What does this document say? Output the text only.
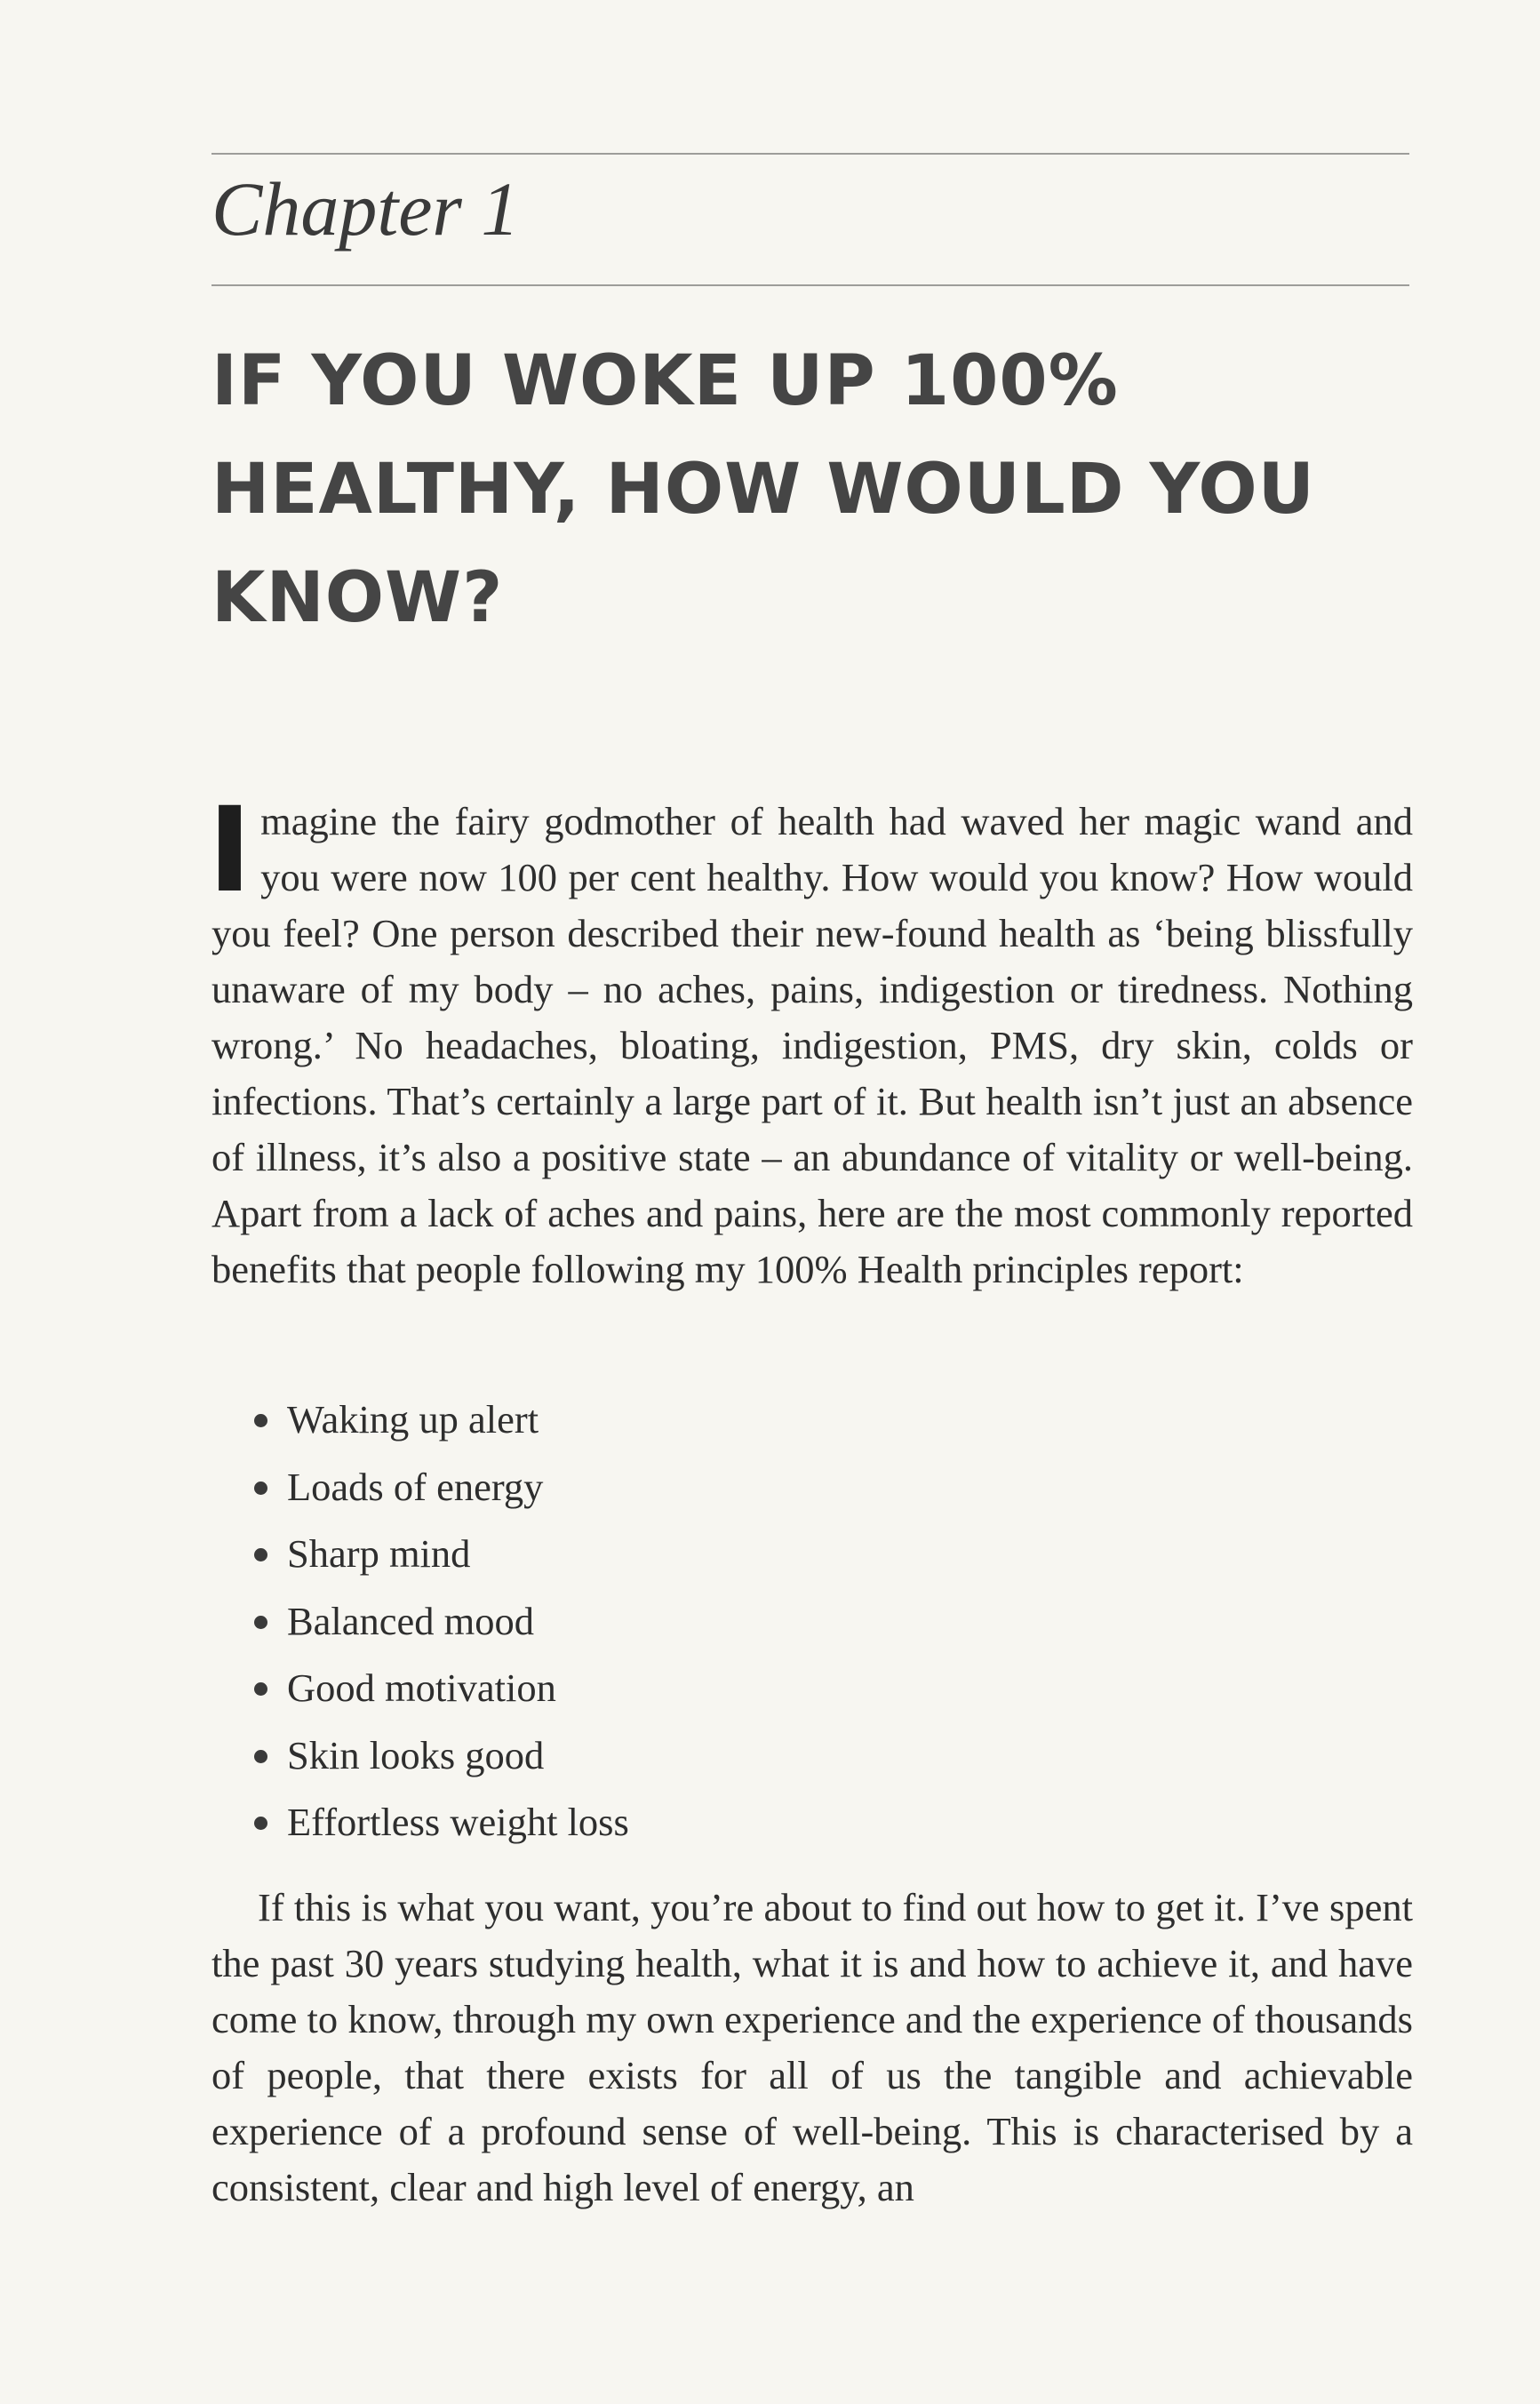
Chapter 1
IF YOU WOKE UP 100% HEALTHY, HOW WOULD YOU KNOW?
Imagine the fairy godmother of health had waved her magic wand and you were now 100 per cent healthy. How would you know? How would you feel? One person described their new-found health as ‘being blissfully unaware of my body – no aches, pains, indigestion or tiredness. Nothing wrong.’ No headaches, bloating, indigestion, PMS, dry skin, colds or infections. That’s certainly a large part of it. But health isn’t just an absence of illness, it’s also a positive state – an abundance of vitality or well-being. Apart from a lack of aches and pains, here are the most commonly reported benefits that people following my 100% Health principles report:
Waking up alert
Loads of energy
Sharp mind
Balanced mood
Good motivation
Skin looks good
Effortless weight loss
If this is what you want, you’re about to find out how to get it. I’ve spent the past 30 years studying health, what it is and how to achieve it, and have come to know, through my own experience and the experience of thousands of people, that there exists for all of us the tangible and achievable experience of a profound sense of well-being. This is characterised by a consistent, clear and high level of energy, an
